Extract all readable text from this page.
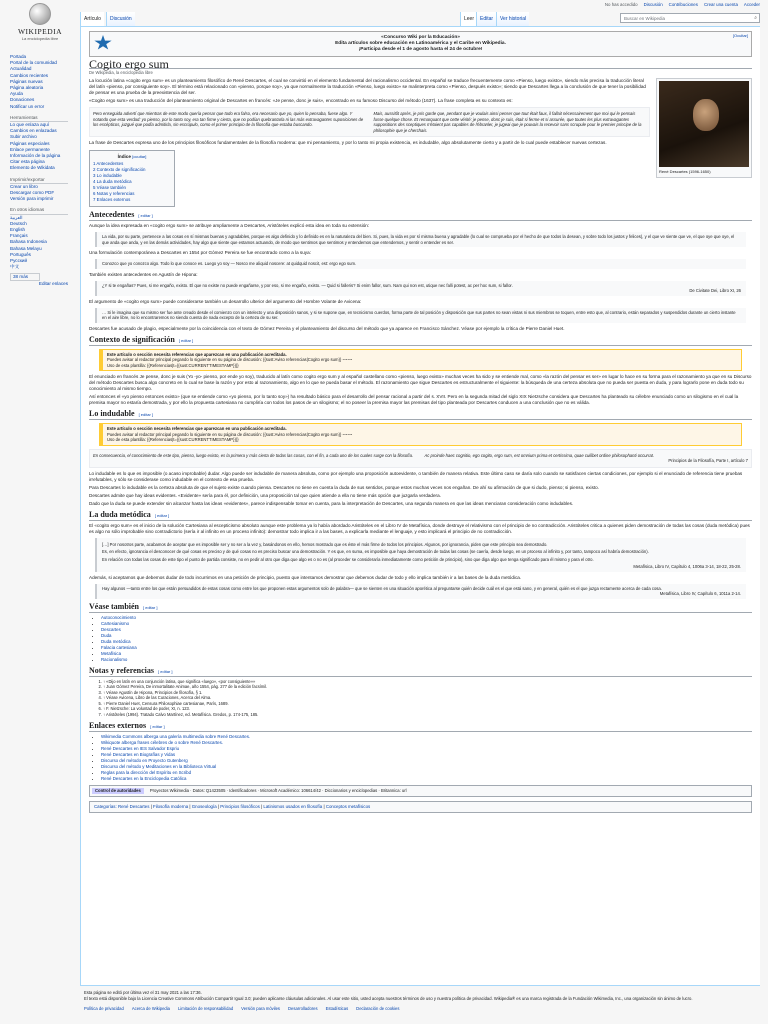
WIKIPEDIA
La enciclopedia libre
Portada
Portal de la comunidad
Actualidad
Cambios recientes
Páginas nuevas
Página aleatoria
Ayuda
Donaciones
Notificar un error
Herramientas
Lo que enlaza aquí
Cambios en enlazadas
Subir archivo
Páginas especiales
Enlace permanente
Información de la página
Citar esta página
Elemento de Wikidata
Imprimir/exportar
Crear un libro
Descargar como PDF
Versión para imprimir
En otros idiomas
العربية
Deutsch
English
Français
Bahasa Indonesia
Bahasa Melayu
Português
Русский
中文
38 más
Editar enlaces
No has accedido Discusión Contribuciones Crear una cuenta Acceder
Artículo	Discusión	Leer	Editar	Ver historial	Buscar en Wikipedia	⌕
[Ocultar]
«Concurso Wiki por la Educación»
Edita artículos sobre educación en Latinoamérica y el Caribe en Wikipedia.
¡Participa desde el 1 de agosto hasta el 24 de octubre!
Cogito ergo sum
De Wikipedia, la enciclopedia libre
René Descartes (1596-1650)

La locución latina «cogito ergo sum» es un planteamiento filosófico de René Descartes, el cual se convirtió en el elemento fundamental del racionalismo occidental. En español se traduce frecuentemente como «Pienso, luego existo», siendo más precisa la traducción literal del latín «pienso, por consiguiente soy». El término está relacionado con «pienso, porque soy», ya que normalmente la traducción «Pienso, luego existo» se malinterpreta como «Pienso, después existo»; siendo que Descartes llega a la conclusión de que tener la posibilidad de pensar es una prueba de la preexistencia del ser.

«Cogito ergo sum» es una traducción del planteamiento original de Descartes en francés: «Je pense, donc je suis», encontrado en su famoso Discurso del método (1637). La frase completa es su contexto es:

Pero enseguida advertí que mientras de este modo quería pensar que todo era falso, era necesario que yo, quien lo pensaba, fuese algo. Y notando que esta verdad: yo pienso, por lo tanto soy, era tan firme y cierta, que no podían quebrantarla ni las más extravagantes suposiciones de los escépticos, juzgué que podía admitirla, sin escrúpulo, como el primer principio de la filosofía que estaba buscando.
Mais, aussitôt après, je pris garde que, pendant que je voulais ainsi penser que tout était faux, il fallait nécessairement que moi qui le pensais fusse quelque chose. Et remarquant que cette vérité: je pense, donc je suis, était si ferme et si assurée, que toutes les plus extravagantes suppositions des sceptiques n'étaient pas capables de l'ébranler, je jugeai que je pouvais la recevoir sans scrupule pour le premier principe de la philosophie que je cherchais.

La frase de Descartes expresa uno de los principios filosóficos fundamentales de la filosofía moderna: que mi pensamiento, y por lo tanto mi propia existencia, es indudable, algo absolutamente cierto y a partir de lo cual puede establecer nuevas certezas.

Índice [ocultar]
1 Antecedentes
2 Contexto de significación
3 Lo indudable
4 La duda metódica
5 Véase también
6 Notas y referencias
7 Enlaces externos
Antecedentes [ editar ]

Aunque la idea expresada en «cogito ergo sum» se atribuye ampliamente a Descartes, Aristóteles explicó esta idea en toda su extensión:

La vida, por su parte, pertenece a las cosas en sí mismas buenas y agradables, porque es algo definido y lo definido es en la naturaleza del bien. Si, pues, la vida es por sí misma buena y agradable (lo cual se comprueba por el hecho de que todos la desean, y sobre todo los justos y felices), y el que ve siente que ve, el que oye que oye, el que anda que anda, y en las demás actividades, hay algo que siente que estamos actuando, de modo que sentimos que sentimos y entendemos que entendemos, y sentir o entender es ser.

Una formulación contemporánea a Descartes en 1554 por Gómez Pereira se fue encontrado como a la suya:

Conozco que yo conozco algo. Todo lo que conoce es. Luego yo soy — Nosco me aliquid noscere: at quidquid noscit, est: ergo ego sum.

También existen antecedentes en Agustín de Hipona:

¿Y si te engañas? Pues, si me engaño, existo. El que no existe no puede engañarse, y por eso, si me engaño, existo. — Quid si falleris? Si enim fallor, sum. Nam qui non est, utique nec falli potest, ac per hoc sum, si fallor.
De Civitate Dei, Libro XI, 26

El argumento de «cogito ergo sum» puede considerarse también un desarrollo ulterior del argumento del Hombre Volante de Avicena:

… Si le imagina que su mismo ser fue ante creado desde el comienzo con un intelecto y una disposición sanos, y si se supone que, en tecnicismo cuerdos, forma parte de tal posición y disposición que sus partes no sean vistas ni sus miembros se toquen, entre esto que, al contrario, están separados y suspendidos durante un cierto instante en el aire libre, no lo encontraremos no siendo cuenta de nada excepto de la certeza de su ser.

Descartes fue acusado de plagio, especialmente por la coincidencia con el texto de Gómez Pereira y el planteamiento del discurso del método que ya aparece en Francisco Sánchez. Véase por ejemplo la crítica de Pierre Daniel Huet.

Contexto de significación [ editar ]
Este artículo o sección necesita referencias que aparezcan en una publicación acreditada.
Puedes avisar al redactor principal pegando lo siguiente en su página de discusión: {{sust:Aviso referencias|Cogito ergo sum}} ~~~~
Uso de esta plantilla: {{Referencias|t={{sust:CURRENTTIMESTAMP}}}}

El enunciado en francés Je pense, donc je suis (Yo -yo- pienso, por ende yo soy), traducido al latín como cogito ergo sum y al español castellano como «pienso, luego existo» muchas veces ha sido y se entiende mal, como «la razón del pensar es ser» en lugar lo hace en su forma para el razonamiento ya que en su Discurso del método Descartes busca algo concreto en lo cual se base la razón y por esto al razonamiento, algo en lo que se pueda basar el método. El razonamiento que sigue Descartes es estructuralmente el siguiente: la búsqueda de una certeza absoluta que no pueda ser puesta en duda, y para lograrlo pone en duda todo su conocimiento al mismo tiempo.

Así entonces el «yo pienso entonces existo» (que se entiende como «yo pienso, por lo tanto soy») ha resultado básico para el desarrollo del pensar racional a partir del s. XVII. Pero en la segunda mitad del siglo XIX Nietzsche considera que Descartes ha planteado su célebre enunciado como un silogismo en el cual la premisa mayor no estaría demostrada, y por ello la propuesta cartesiana no cumpliría con todos los pasos de un silogismo; el no poseer la premisa mayor las premisas del tipo planteada por Descartes conducen a una conclusión que no es válida.

Lo indudable [ editar ]
Este artículo o sección necesita referencias que aparezcan en una publicación acreditada.
Puedes avisar al redactor principal pegando lo siguiente en su página de discusión: {{sust:Aviso referencias|Cogito ergo sum}} ~~~~
Uso de esta plantilla: {{Referencias|t={{sust:CURRENTTIMESTAMP}}}}
En consecuencia, el conocimiento de este tipo, pienso, luego existo, es la primera y más cierta de todas las cosas, con el fin, a cada uno de los cuales surge con la filosofía.	Ac proinde haec cognitio, ego cogito, ergo sum, est omnium prima et certissima, quae cuilibet ordine philosophanti occurrat.
Principios de la Filosofía, Parte I, artículo 7

Lo indudable es lo que es imposible (o acaso improbable) dudar. Algo puede ser indudable de manera absoluta, como por ejemplo una proposición autoevidente, o también de manera relativa. Este último caso se daría solo cuando se satisfacen ciertas condiciones, por ejemplo si el enunciado de referencia tiene pruebas irrefutables, y sólo se considerase como indudable en el contexto de esa prueba.

Para Descartes lo indudable es la certeza absoluta de que el sujeto existe cuando piensa. Descartes no tiene en cuenta la duda de sus sentidos, porque estos muchas veces nos engañan. De ahí su afirmación de que si dudo, pienso; si pienso, existo.

Descartes admite que hay ideas evidentes. «Evidente» sería para él, por definición, una proposición tal que quien atiende a ella no tiene más opción que juzgarla verdadera.

Dado que la duda se puede extender sin alcanzar hasta las ideas «evidentes», parece indispensable tomar en cuenta, para la interpretación de Descartes, una segunda manera en que las ideas menciaran consideración como indudables.

La duda metódica [ editar ]

El «cogito ergo sum» es el inicio de la solución Cartesiana al escepticismo absoluto aunque este problema ya lo había abordado Aristóteles en el Libro IV de Metafísica, donde destruye el relativismo con el principio de no contradicción. Aristóteles critica a quienes piden demostración de todas las cosas (duda metódica) pues es algo no sólo improbable sino contradictorio (sería ir al infinito en un proceso infinito): demostrar todo implica ir a las bases, a explicarla mediante el lenguaje, y esto implicará el principio de no contradicción.

[…] Por nosotros parte, acabamos de aceptar que es imposible ser y no ser a la vez y, basándonos en ello, hemos mostrado que es éste el más firme de todos los principios. Algunos, por ignorancia, piden que este principio sea demostrado.

Es, en efecto, ignorancia el desconocer de qué cosas es preciso y de qué cosas no es preciso buscar una demostración. Y es que, en suma, es imposible que haya demostración de todas las cosas (se caería, desde luego, en un proceso al infinito y, por tanto, tampoco así habría demostración).

En relación con todas las cosas de este tipo el punto de partida consiste, no en pedir al otro que diga que algo es o no es (al proceder se consideraría inmediatamente como petición de principio), sino que diga algo que tenga significado para él mismo y para el otro.

Metafísica, Libro IV, Capítulo 4, 1006a 3-14, 18-22, 25-28.

Además, si aceptamos que debemos dudar de todo incurrimos en una petición de principio, puesto que intentamos demostrar que debemos dudar de todo y ello implica también ir a las bases de la duda metódica.

Hay algunos —tanto entre los que están persuadidos de estas cosas como entre los que proponen estas argumentos solo de palabra— que se sienten en una situación aporética al preguntarse quién decide cuál es el que está sano, y en general, quién es el que juzga rectamente acerca de cada cosa.
Metafísica, Libro IV, Capítulo 6, 1011a 2-14.
Véase también [ editar ]
• Autoconocimiento
• Cartesianismo
• Descartes
• Duda
• Duda metódica
• Falacia cartesiana
• Metafísica
• Racionalismo
Notas y referencias [ editar ]
1. ↑ «Dijo en latín en una conjunción latina, que significa «luego», «por consiguiente»»
2. ↑ Juan Gómez Pereira, De inmortalitate Animae, año 1554, pág. 277 de la edición facsímil.
3. ↑ Véase Agustín de Hipona, Principios de filosofía, § 1.
4. ↑ Véase Avicena, Libro de las Curaciones, Acerca del Alma.
5. ↑ Pierre Daniel Huet, Censura Philosophiae cartesianae, París, 1689.
6. ↑ F. Nietzsche: La voluntad de poder, XI, n. 123.
7. ↑ Aristóteles (1994). Tratado Calvo Martínez, ed. Metafísica. Gredos, p. 174-175, 185.
Enlaces externos [ editar ]
• Wikimedia Commons alberga una galería multimedia sobre René Descartes.
• Wikiquote alberga frases célebres de o sobre René Descartes.
• René Descartes en IES Salvador Espriu
• René Descartes en Biografías y Vidas
• Discurso del método en Proyecto Gutenberg
• Discurso del método y Meditaciones en la Biblioteca Virtual
• Reglas para la dirección del Espíritu en Scribd
• René Descartes en la Enciclopedia Católica
Control de autoridades	Proyectos Wikimedia · Datos: Q1423505 · Identificadores · Microsoft Académico: 106614/42 · Diccionarios y enciclopedias · Britannica: url
Categorías: René Descartes | Filosofía moderna | Gnoseología | Principios filosóficos | Latinismos usados en filosofía | Conceptos metafísicos
Esta página se editó por última vez el 31 may 2021 a las 17:36.
El texto está disponible bajo la Licencia Creative Commons Atribución Compartir Igual 3.0; pueden aplicarse cláusulas adicionales. Al usar este sitio, usted acepta nuestros términos de uso y nuestra política de privacidad. Wikipedia® es una marca registrada de la Fundación Wikimedia, Inc., una organización sin ánimo de lucro.
Política de privacidad Acerca de Wikipedia Limitación de responsabilidad Versión para móviles Desarrolladores Estadísticas Declaración de cookies
